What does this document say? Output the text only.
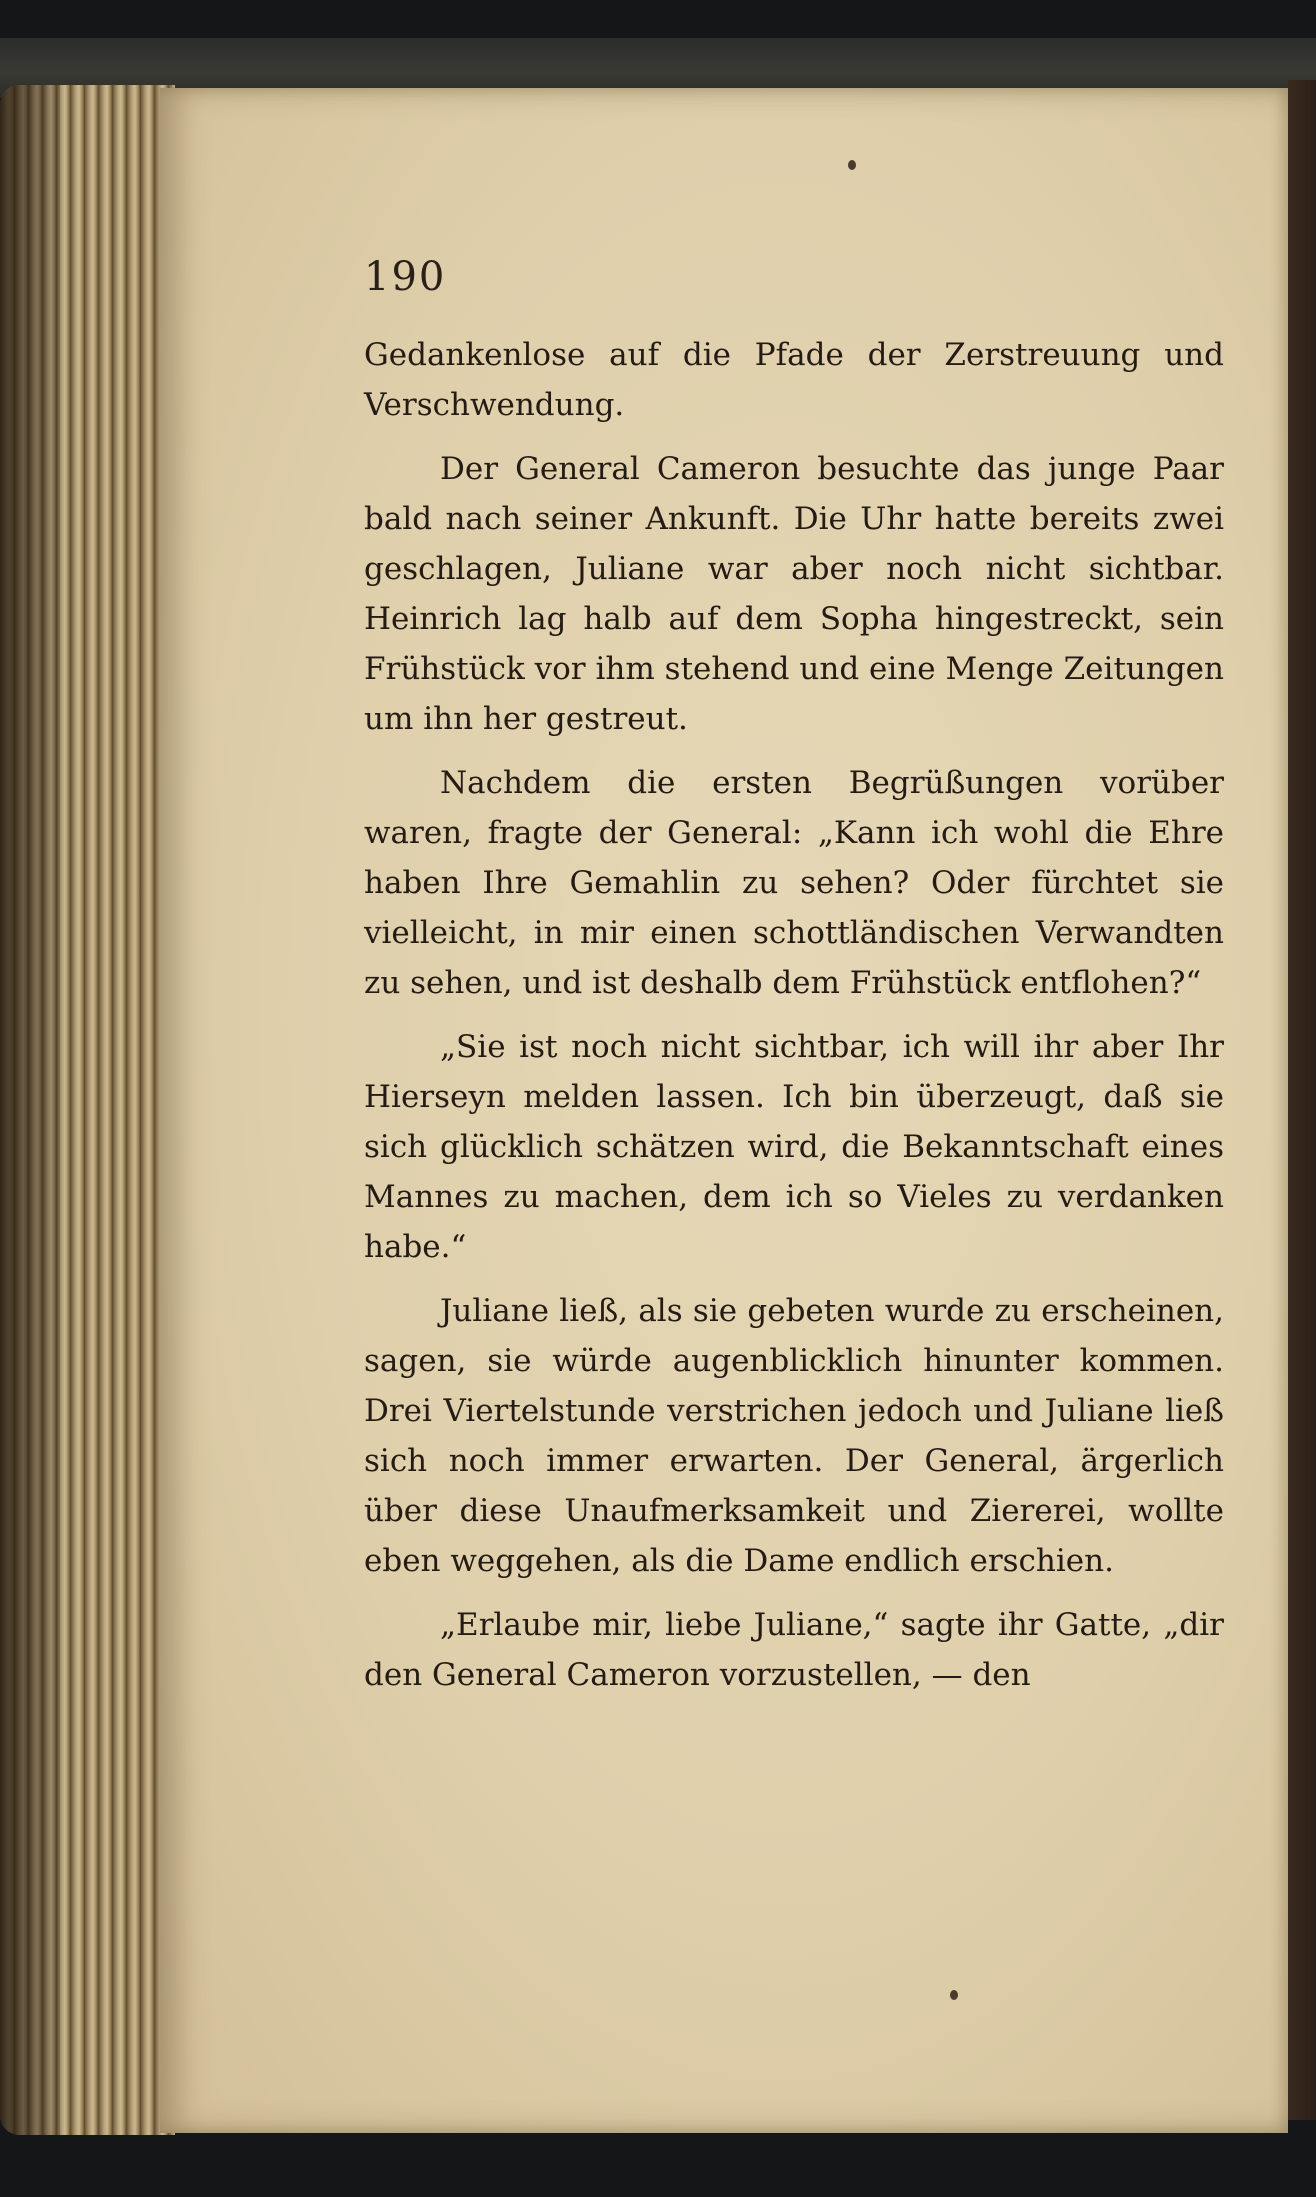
190

Gedankenlose auf die Pfade der Zerstreuung und Verschwendung.

Der General Cameron besuchte das junge Paar bald nach seiner Ankunft. Die Uhr hatte bereits zwei geschlagen, Juliane war aber noch nicht sichtbar. Heinrich lag halb auf dem Sopha hingestreckt, sein Frühstück vor ihm stehend und eine Menge Zeitungen um ihn her gestreut.

Nachdem die ersten Begrüßungen vorüber waren, fragte der General: „Kann ich wohl die Ehre haben Ihre Gemahlin zu sehen? Oder fürchtet sie vielleicht, in mir einen schottländischen Verwandten zu sehen, und ist deshalb dem Frühstück entflohen?“

„Sie ist noch nicht sichtbar, ich will ihr aber Ihr Hierseyn melden lassen. Ich bin überzeugt, daß sie sich glücklich schätzen wird, die Bekanntschaft eines Mannes zu machen, dem ich so Vieles zu verdanken habe.“

Juliane ließ, als sie gebeten wurde zu erscheinen, sagen, sie würde augenblicklich hinunter kommen. Drei Viertelstunde verstrichen jedoch und Juliane ließ sich noch immer erwarten. Der General, ärgerlich über diese Unaufmerksamkeit und Ziererei, wollte eben weggehen, als die Dame endlich erschien.

„Erlaube mir, liebe Juliane,“ sagte ihr Gatte, „dir den General Cameron vorzustellen, — den
